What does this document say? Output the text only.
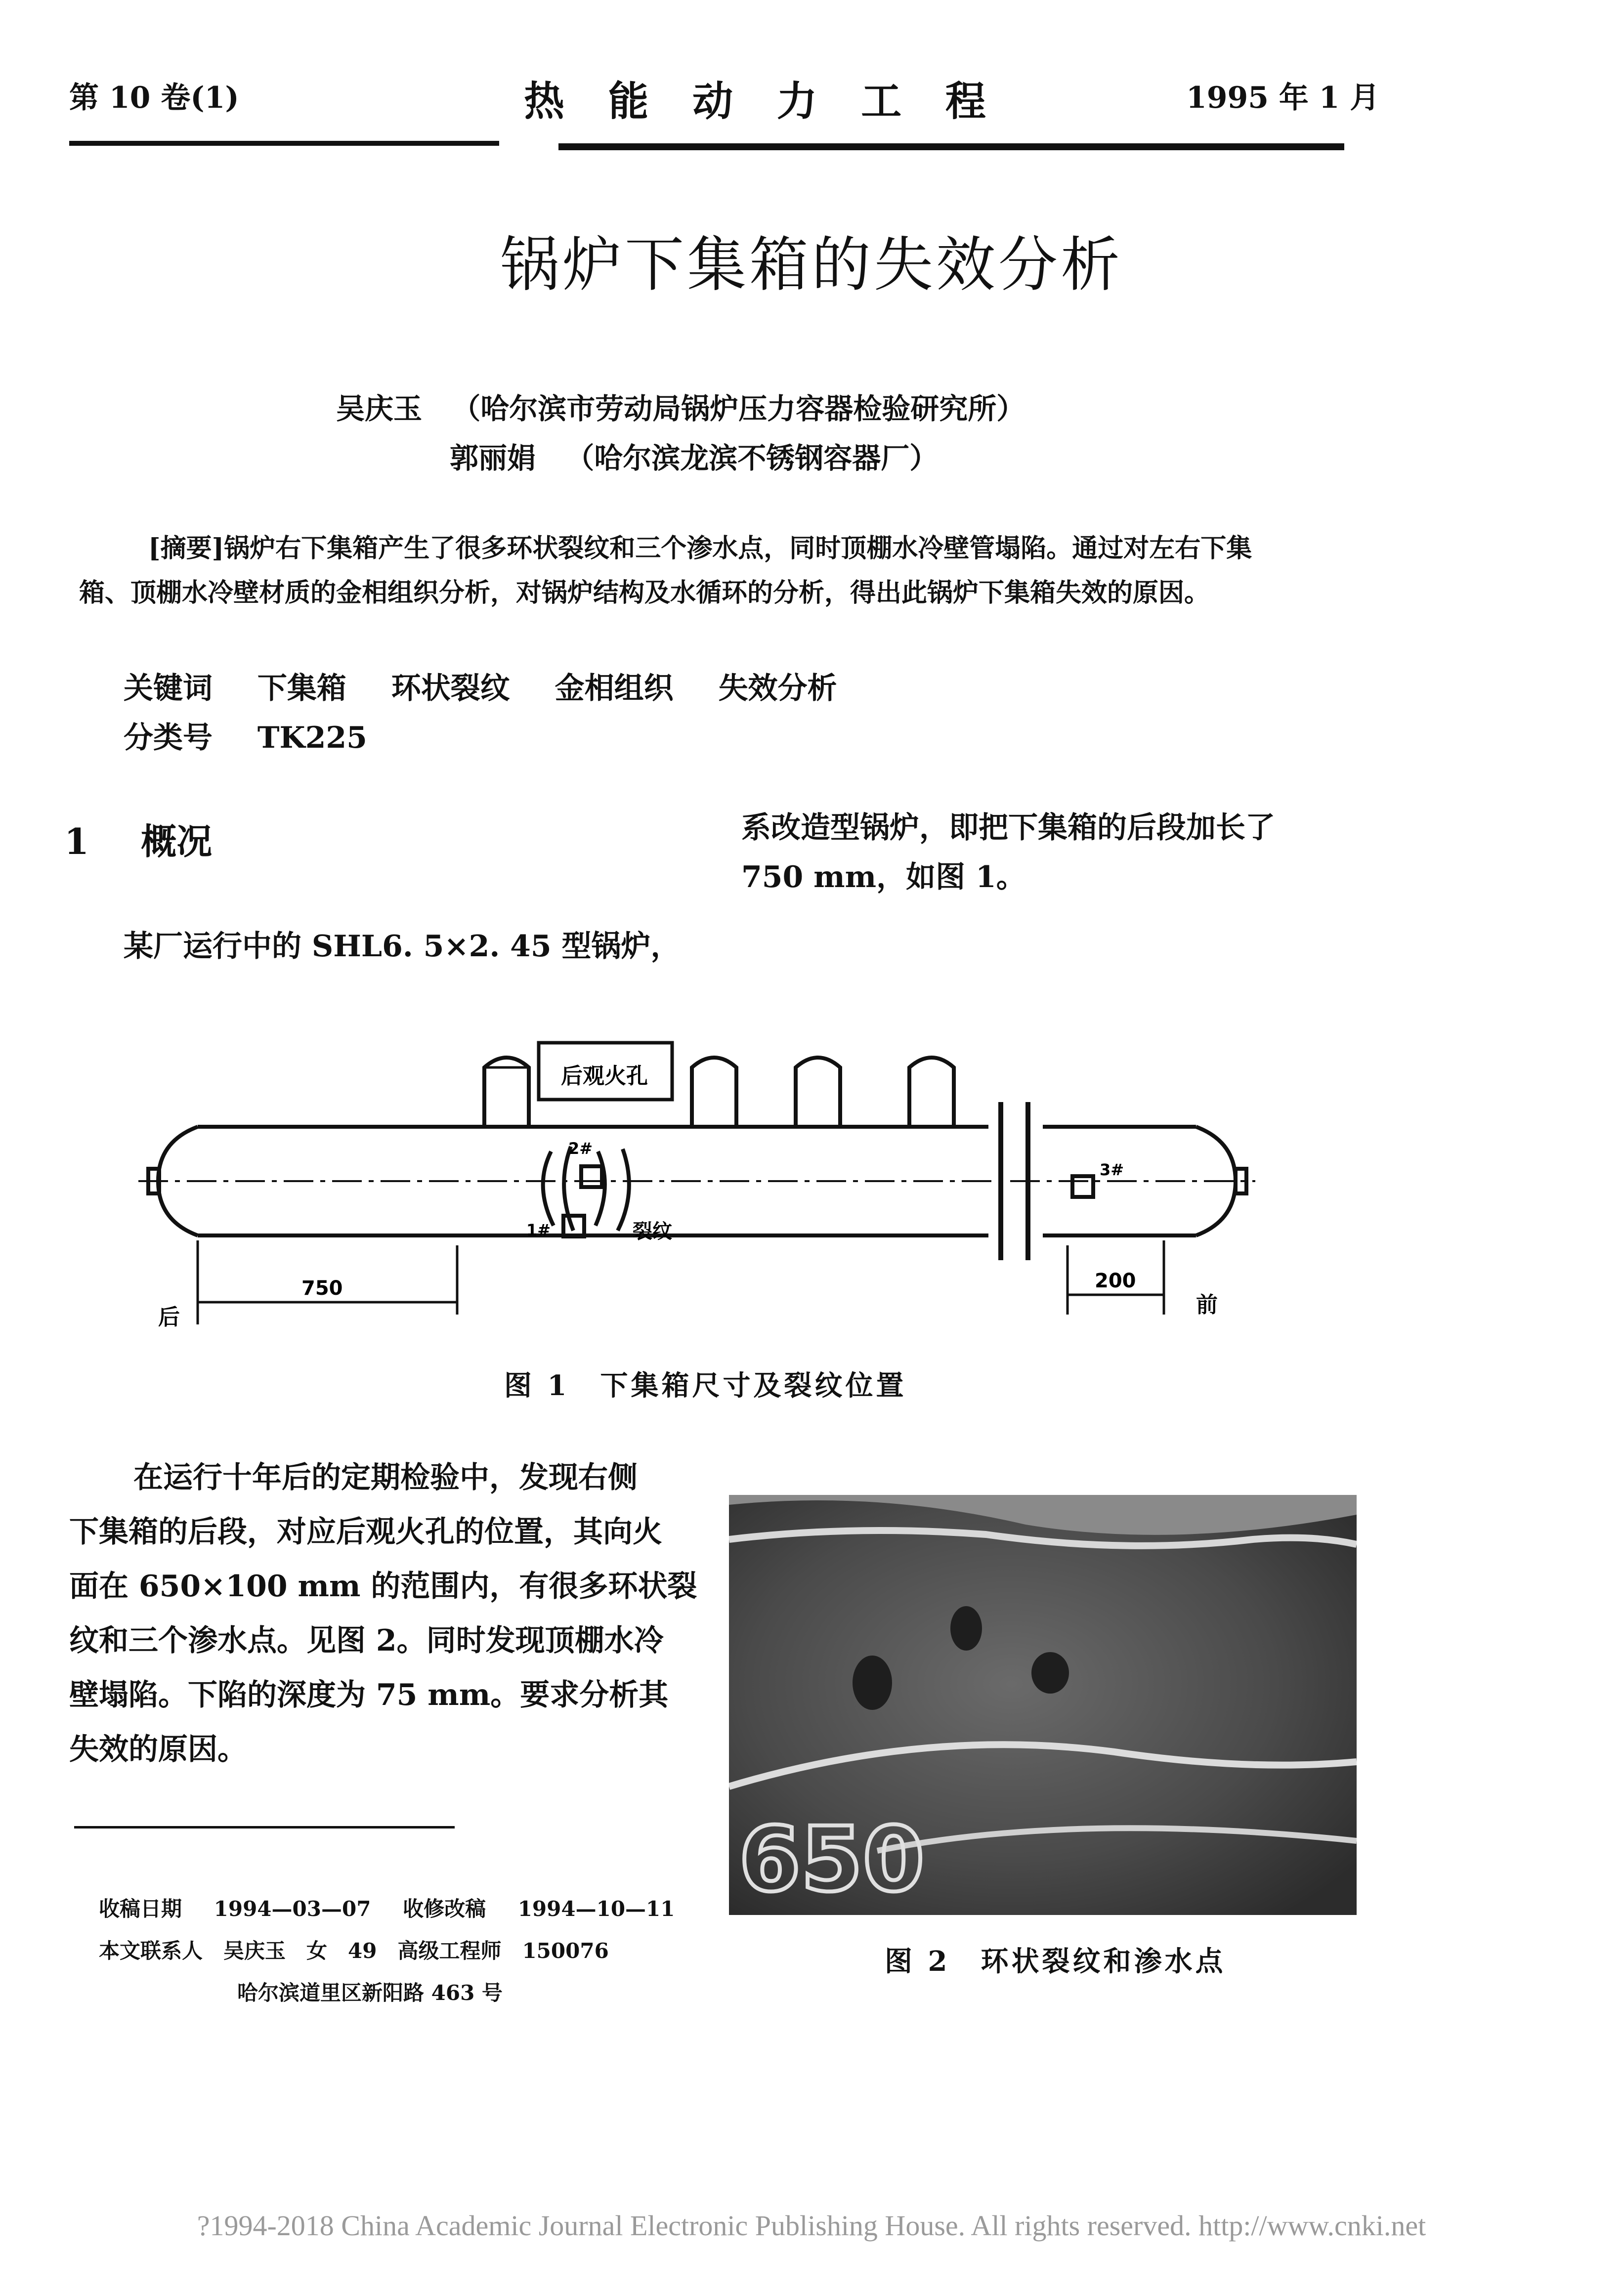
第 10 卷(1)	热 能 动 力 工 程	1995 年 1 月
锅炉下集箱的失效分析
吴庆玉 （哈尔滨市劳动局锅炉压力容器检验研究所）
郭丽娟 （哈尔滨龙滨不锈钢容器厂）
[摘要]锅炉右下集箱产生了很多环状裂纹和三个渗水点，同时顶棚水冷壁管塌陷。通过对左右下集
箱、顶棚水冷壁材质的金相组织分析，对锅炉结构及水循环的分析，得出此锅炉下集箱失效的原因。
关键词 下集箱 环状裂纹 金相组织 失效分析
分类号 TK225
1 概况	系改造型锅炉，即把下集箱的后段加长了
750 mm，如图 1。
某厂运行中的 SHL6. 5×2. 45 型锅炉，
后观火孔
2#
1#
3#
裂纹
750	200
后	前
图 1　下集箱尺寸及裂纹位置
在运行十年后的定期检验中，发现右侧
下集箱的后段，对应后观火孔的位置，其向火
面在 650×100 mm 的范围内，有很多环状裂
纹和三个渗水点。见图 2。同时发现顶棚水冷
壁塌陷。下陷的深度为 75 mm。要求分析其
失效的原因。
650
图 2　环状裂纹和渗水点
收稿日期 1994—03—07 收修改稿 1994—10—11
本文联系人　吴庆玉　女　49　高级工程师　150076
哈尔滨道里区新阳路 463 号
?1994-2018 China Academic Journal Electronic Publishing House. All rights reserved. http://www.cnki.net
